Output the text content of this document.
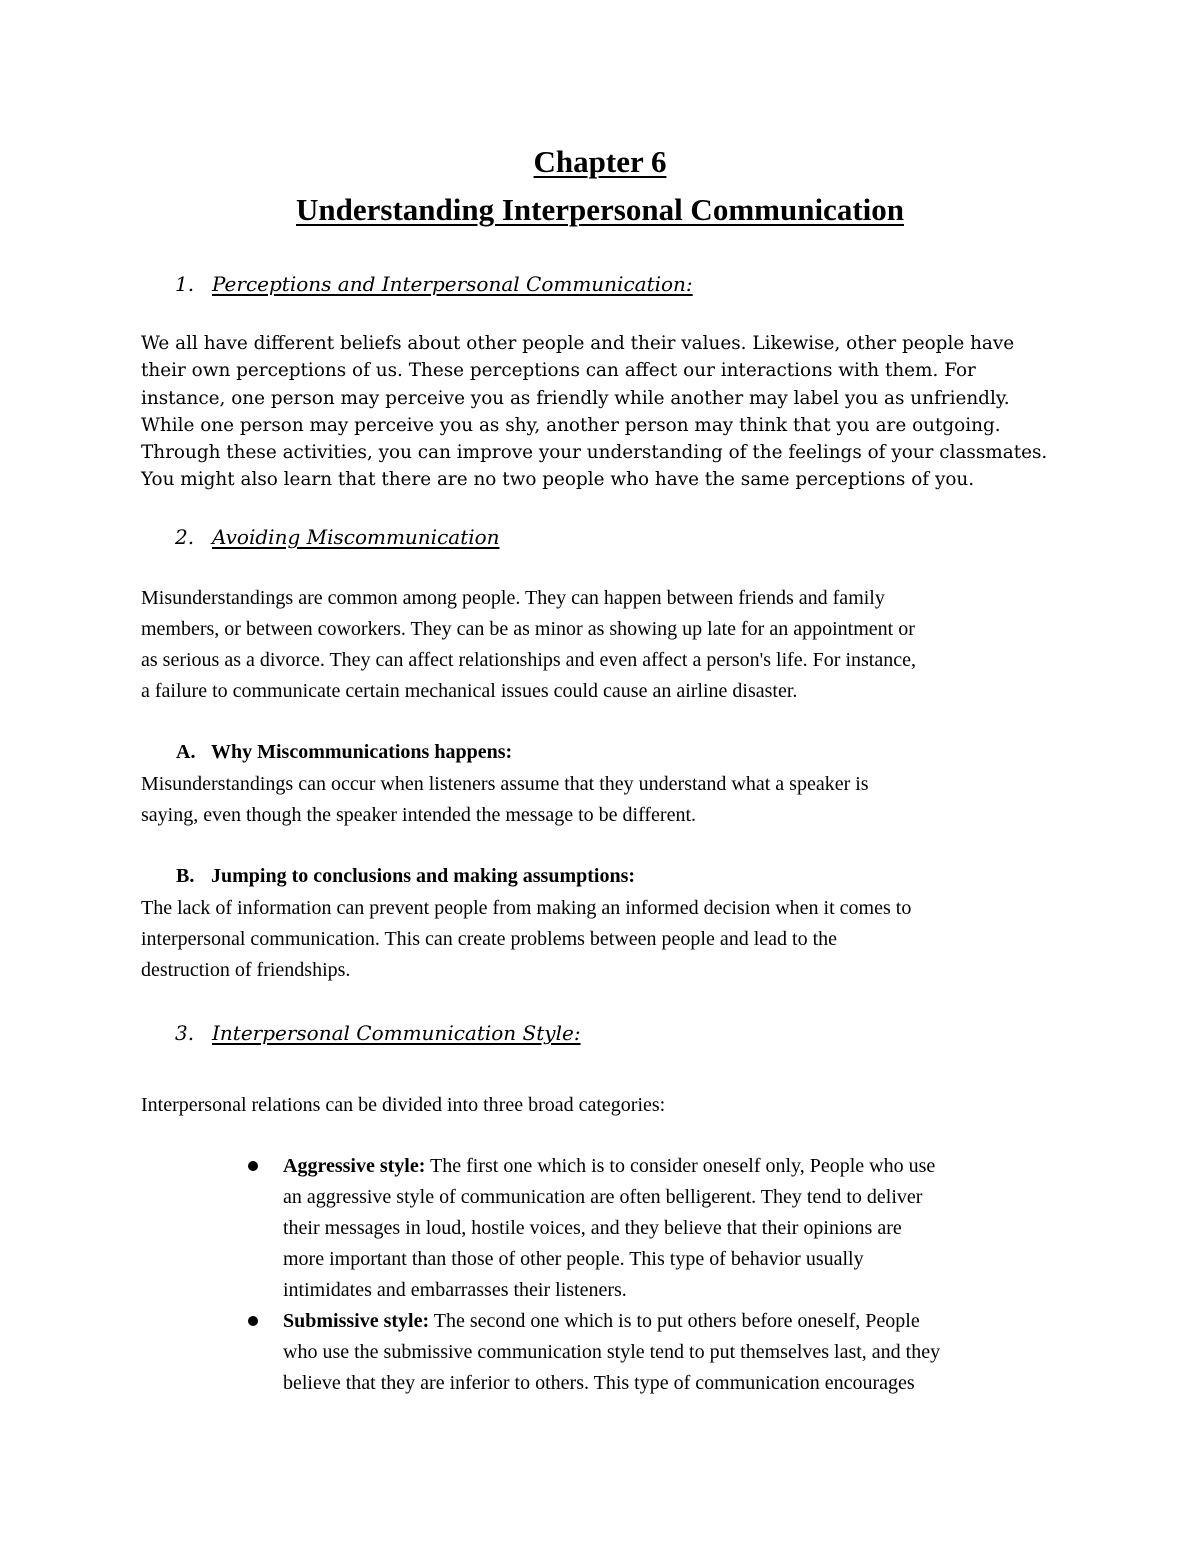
Chapter 6
Understanding Interpersonal Communication
1. Perceptions and Interpersonal Communication:
We all have different beliefs about other people and their values. Likewise, other people have
their own perceptions of us. These perceptions can affect our interactions with them. For
instance, one person may perceive you as friendly while another may label you as unfriendly.
While one person may perceive you as shy, another person may think that you are outgoing.
Through these activities, you can improve your understanding of the feelings of your classmates.
You might also learn that there are no two people who have the same perceptions of you.
2. Avoiding Miscommunication
Misunderstandings are common among people. They can happen between friends and family
members, or between coworkers. They can be as minor as showing up late for an appointment or
as serious as a divorce. They can affect relationships and even affect a person's life. For instance,
a failure to communicate certain mechanical issues could cause an airline disaster.
A. Why Miscommunications happens:
Misunderstandings can occur when listeners assume that they understand what a speaker is
saying, even though the speaker intended the message to be different.
B. Jumping to conclusions and making assumptions:
The lack of information can prevent people from making an informed decision when it comes to
interpersonal communication. This can create problems between people and lead to the
destruction of friendships.
3. Interpersonal Communication Style:
Interpersonal relations can be divided into three broad categories:
Aggressive style: The first one which is to consider oneself only, People who use
an aggressive style of communication are often belligerent. They tend to deliver
their messages in loud, hostile voices, and they believe that their opinions are
more important than those of other people. This type of behavior usually
intimidates and embarrasses their listeners.
Submissive style: The second one which is to put others before oneself, People
who use the submissive communication style tend to put themselves last, and they
believe that they are inferior to others. This type of communication encourages
